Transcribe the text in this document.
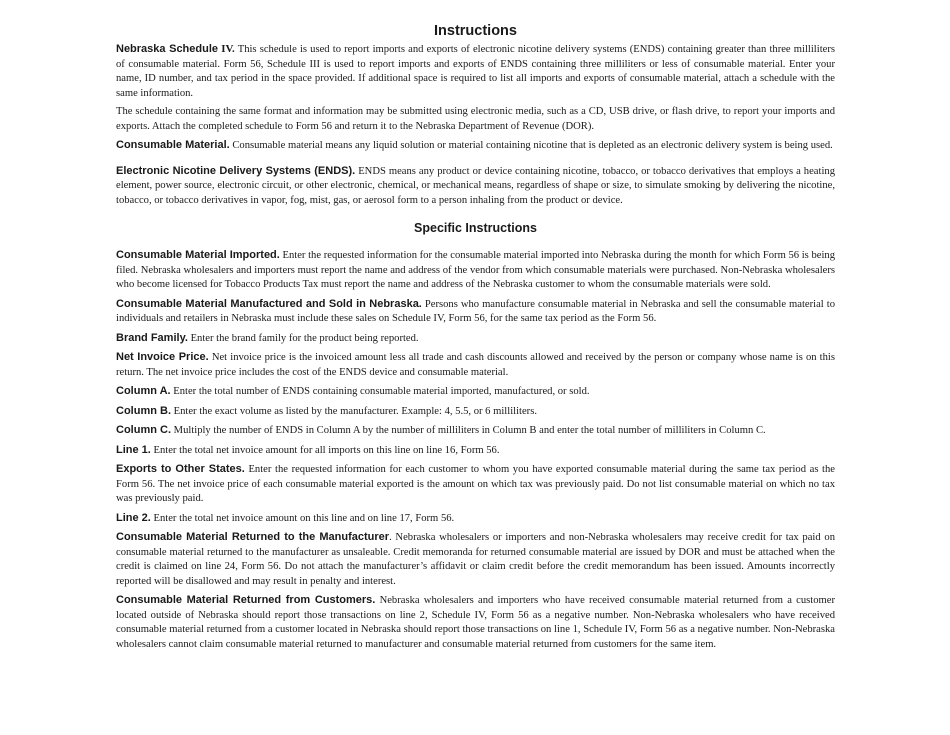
Instructions

Nebraska Schedule IV. This schedule is used to report imports and exports of electronic nicotine delivery systems (ENDS) containing greater than three milliliters of consumable material. Form 56, Schedule III is used to report imports and exports of ENDS containing three milliliters or less of consumable material. Enter your name, ID number, and tax period in the space provided. If additional space is required to list all imports and exports of consumable material, attach a schedule with the same information.

The schedule containing the same format and information may be submitted using electronic media, such as a CD, USB drive, or flash drive, to report your imports and exports. Attach the completed schedule to Form 56 and return it to the Nebraska Department of Revenue (DOR).

Consumable Material. Consumable material means any liquid solution or material containing nicotine that is depleted as an electronic delivery system is being used.

Electronic Nicotine Delivery Systems (ENDS). ENDS means any product or device containing nicotine, tobacco, or tobacco derivatives that employs a heating element, power source, electronic circuit, or other electronic, chemical, or mechanical means, regardless of shape or size, to simulate smoking by delivering the nicotine, tobacco, or tobacco derivatives in vapor, fog, mist, gas, or aerosol form to a person inhaling from the product or device.

Specific Instructions

Consumable Material Imported. Enter the requested information for the consumable material imported into Nebraska during the month for which Form 56 is being filed. Nebraska wholesalers and importers must report the name and address of the vendor from which consumable materials were purchased. Non-Nebraska wholesalers who become licensed for Tobacco Products Tax must report the name and address of the Nebraska customer to whom the consumable materials were sold.

Consumable Material Manufactured and Sold in Nebraska. Persons who manufacture consumable material in Nebraska and sell the consumable material to individuals and retailers in Nebraska must include these sales on Schedule IV, Form 56, for the same tax period as the Form 56.

Brand Family. Enter the brand family for the product being reported.

Net Invoice Price. Net invoice price is the invoiced amount less all trade and cash discounts allowed and received by the person or company whose name is on this return. The net invoice price includes the cost of the ENDS device and consumable material.

Column A. Enter the total number of ENDS containing consumable material imported, manufactured, or sold.

Column B. Enter the exact volume as listed by the manufacturer. Example: 4, 5.5, or 6 milliliters.

Column C. Multiply the number of ENDS in Column A by the number of milliliters in Column B and enter the total number of milliliters in Column C.

Line 1. Enter the total net invoice amount for all imports on this line on line 16, Form 56.

Exports to Other States. Enter the requested information for each customer to whom you have exported consumable material during the same tax period as the Form 56. The net invoice price of each consumable material exported is the amount on which tax was previously paid. Do not list consumable material on which no tax was previously paid.

Line 2. Enter the total net invoice amount on this line and on line 17, Form 56.

Consumable Material Returned to the Manufacturer. Nebraska wholesalers or importers and non-Nebraska wholesalers may receive credit for tax paid on consumable material returned to the manufacturer as unsaleable. Credit memoranda for returned consumable material are issued by DOR and must be attached when the credit is claimed on line 24, Form 56. Do not attach the manufacturer’s affidavit or claim credit before the credit memorandum has been issued. Amounts incorrectly reported will be disallowed and may result in penalty and interest.

Consumable Material Returned from Customers. Nebraska wholesalers and importers who have received consumable material returned from a customer located outside of Nebraska should report those transactions on line 2, Schedule IV, Form 56 as a negative number. Non-Nebraska wholesalers who have received consumable material returned from a customer located in Nebraska should report those transactions on line 1, Schedule IV, Form 56 as a negative number. Non-Nebraska wholesalers cannot claim consumable material returned to manufacturer and consumable material returned from customers for the same item.
